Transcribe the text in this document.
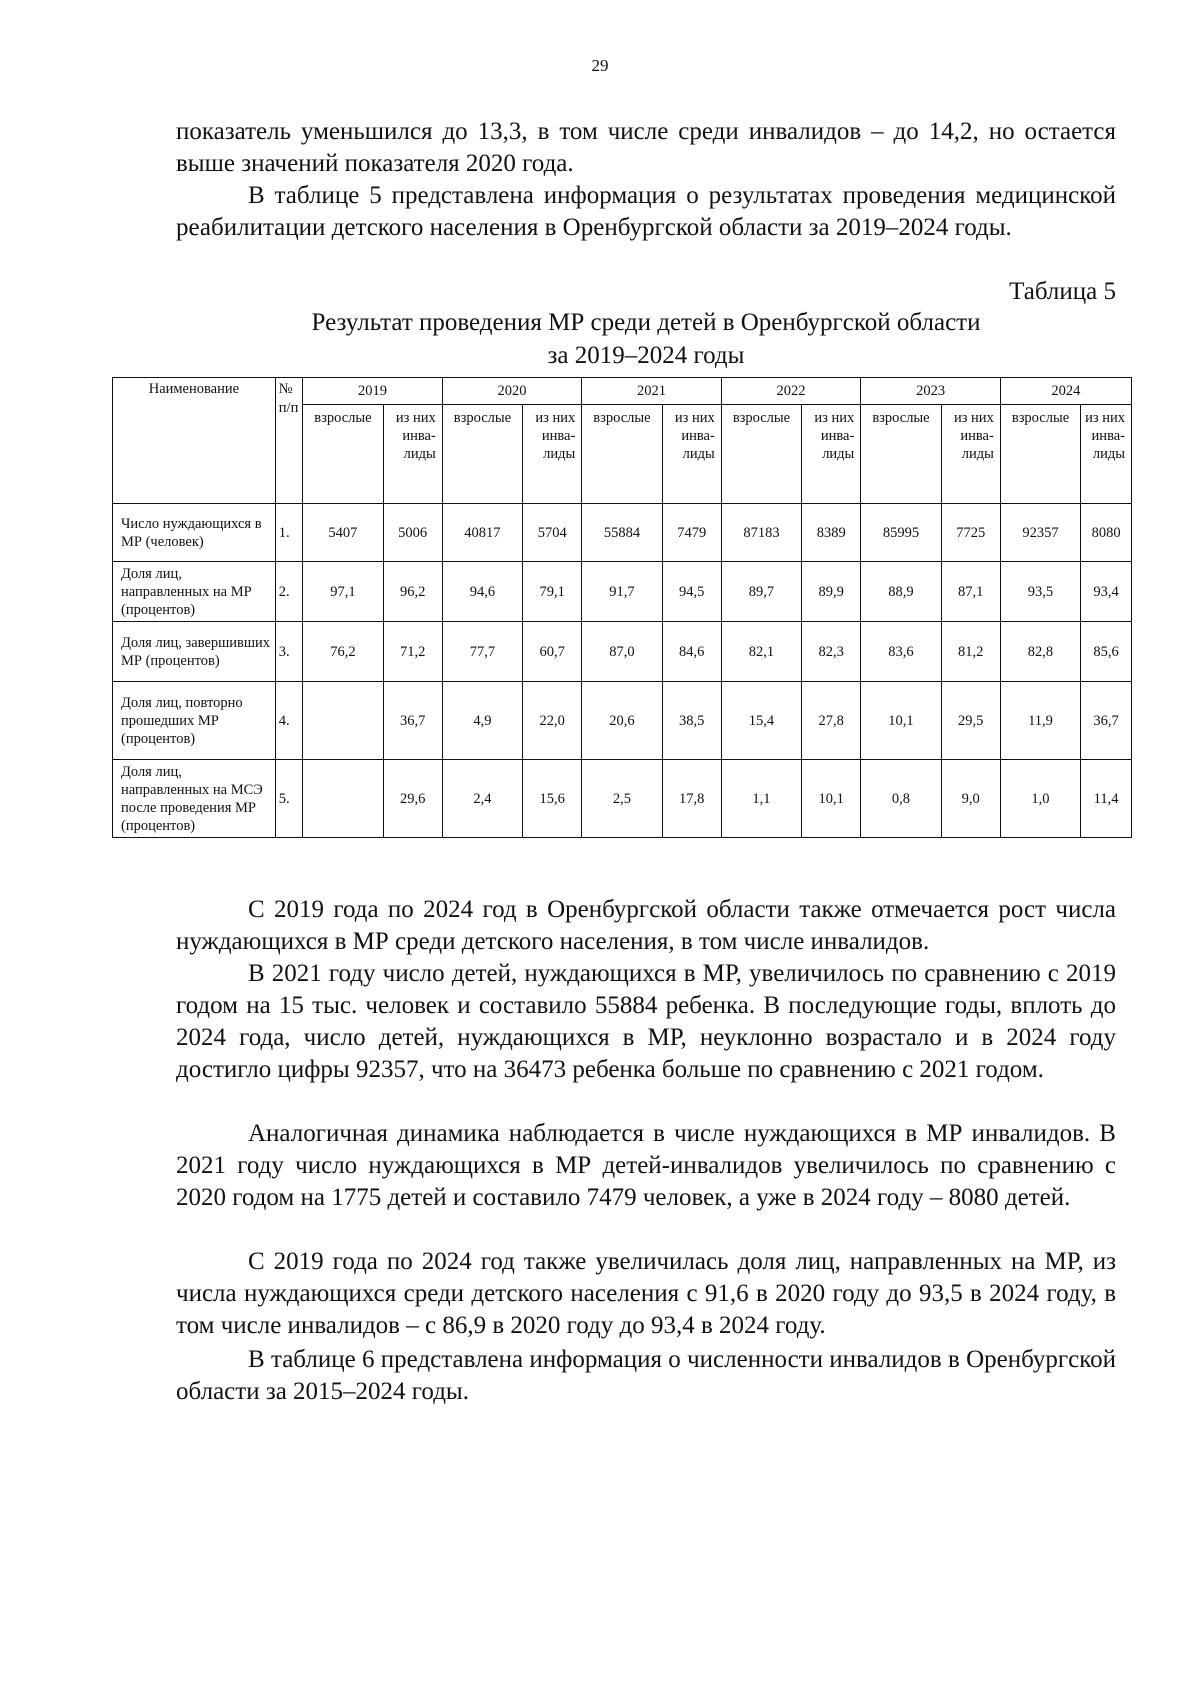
29

показатель уменьшился до 13,3, в том числе среди инвалидов – до 14,2, но остается выше значений показателя 2020 года.

В таблице 5 представлена информация о результатах проведения медицинской реабилитации детского населения в Оренбургской области за 2019–2024 годы.

Таблица 5
Результат проведения МР среди детей в Оренбургской области
за 2019–2024 годы
Наименование	№ п/п	2019		2020		2021		2022		2023		2024	
		взрослые	из них инва-лиды	взрослые	из них инва-лиды	взрослые	из них инва-лиды	взрослые	из них инва-лиды	взрослые	из них инва-лиды	взрослые	из них инва-лиды
Число нуждающихся в МР (человек)	1.	5407	5006	40817	5704	55884	7479	87183	8389	85995	7725	92357	8080
Доля лиц, направленных на МР (процентов)	2.	97,1	96,2	94,6	79,1	91,7	94,5	89,7	89,9	88,9	87,1	93,5	93,4
Доля лиц, завершивших МР (процентов)	3.	76,2	71,2	77,7	60,7	87,0	84,6	82,1	82,3	83,6	81,2	82,8	85,6
Доля лиц, повторно прошедших МР (процентов)	4.		36,7	4,9	22,0	20,6	38,5	15,4	27,8	10,1	29,5	11,9	36,7
Доля лиц, направленных на МСЭ после проведения МР (процентов)	5.		29,6	2,4	15,6	2,5	17,8	1,1	10,1	0,8	9,0	1,0	11,4

С 2019 года по 2024 год в Оренбургской области также отмечается рост числа нуждающихся в МР среди детского населения, в том числе инвалидов.

В 2021 году число детей, нуждающихся в МР, увеличилось по сравнению с 2019 годом на 15 тыс. человек и составило 55884 ребенка. В последующие годы, вплоть до 2024 года, число детей, нуждающихся в МР, неуклонно возрастало и в 2024 году достигло цифры 92357, что на 36473 ребенка больше по сравнению с 2021 годом.

Аналогичная динамика наблюдается в числе нуждающихся в МР инвалидов. В 2021 году число нуждающихся в МР детей-инвалидов увеличилось по сравнению с 2020 годом на 1775 детей и составило 7479 человек, а уже в 2024 году – 8080 детей.

С 2019 года по 2024 год также увеличилась доля лиц, направленных на МР, из числа нуждающихся среди детского населения с 91,6 в 2020 году до 93,5 в 2024 году, в том числе инвалидов – с 86,9 в 2020 году до 93,4 в 2024 году.

В таблице 6 представлена информация о численности инвалидов в Оренбургской области за 2015–2024 годы.
